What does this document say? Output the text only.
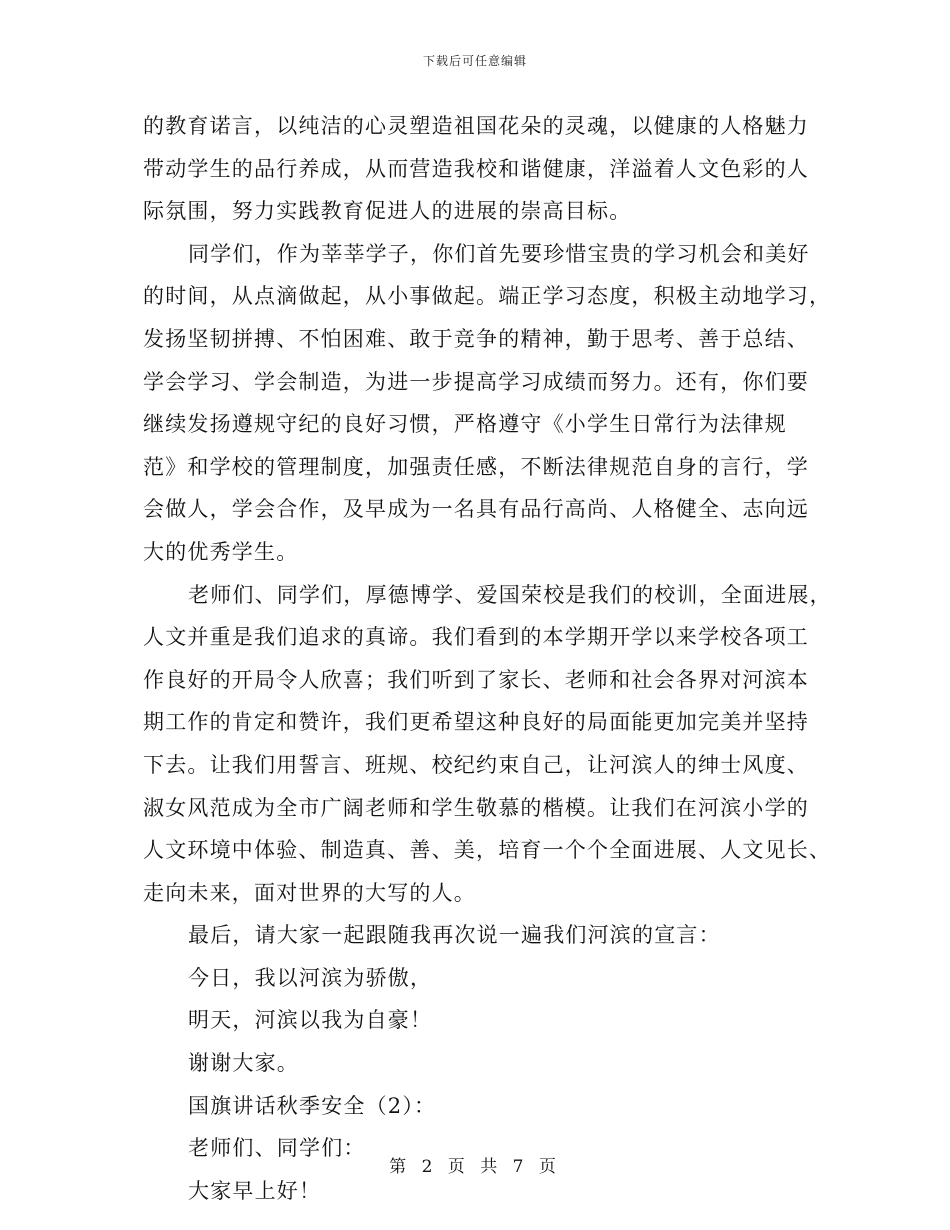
下载后可任意编辑
的教育诺言，以纯洁的心灵塑造祖国花朵的灵魂，以健康的人格魅力
带动学生的品行养成，从而营造我校和谐健康，洋溢着人文色彩的人
际氛围，努力实践教育促进人的进展的崇高目标。
同学们，作为莘莘学子，你们首先要珍惜宝贵的学习机会和美好
的时间，从点滴做起，从小事做起。端正学习态度，积极主动地学习，
发扬坚韧拼搏、不怕困难、敢于竞争的精神，勤于思考、善于总结、
学会学习、学会制造，为进一步提高学习成绩而努力。还有，你们要
继续发扬遵规守纪的良好习惯，严格遵守《小学生日常行为法律规
范》和学校的管理制度，加强责任感，不断法律规范自身的言行，学
会做人，学会合作，及早成为一名具有品行高尚、人格健全、志向远
大的优秀学生。
老师们、同学们，厚德博学、爱国荣校是我们的校训，全面进展，
人文并重是我们追求的真谛。我们看到的本学期开学以来学校各项工
作良好的开局令人欣喜；我们听到了家长、老师和社会各界对河滨本
期工作的肯定和赞许，我们更希望这种良好的局面能更加完美并坚持
下去。让我们用誓言、班规、校纪约束自己，让河滨人的绅士风度、
淑女风范成为全市广阔老师和学生敬慕的楷模。让我们在河滨小学的
人文环境中体验、制造真、善、美，培育一个个全面进展、人文见长、
走向未来，面对世界的大写的人。
最后，请大家一起跟随我再次说一遍我们河滨的宣言：
今日，我以河滨为骄傲，
明天，河滨以我为自豪！
谢谢大家。
国旗讲话秋季安全（2）：
老师们、同学们：
大家早上好！
第 2 页 共 7 页
